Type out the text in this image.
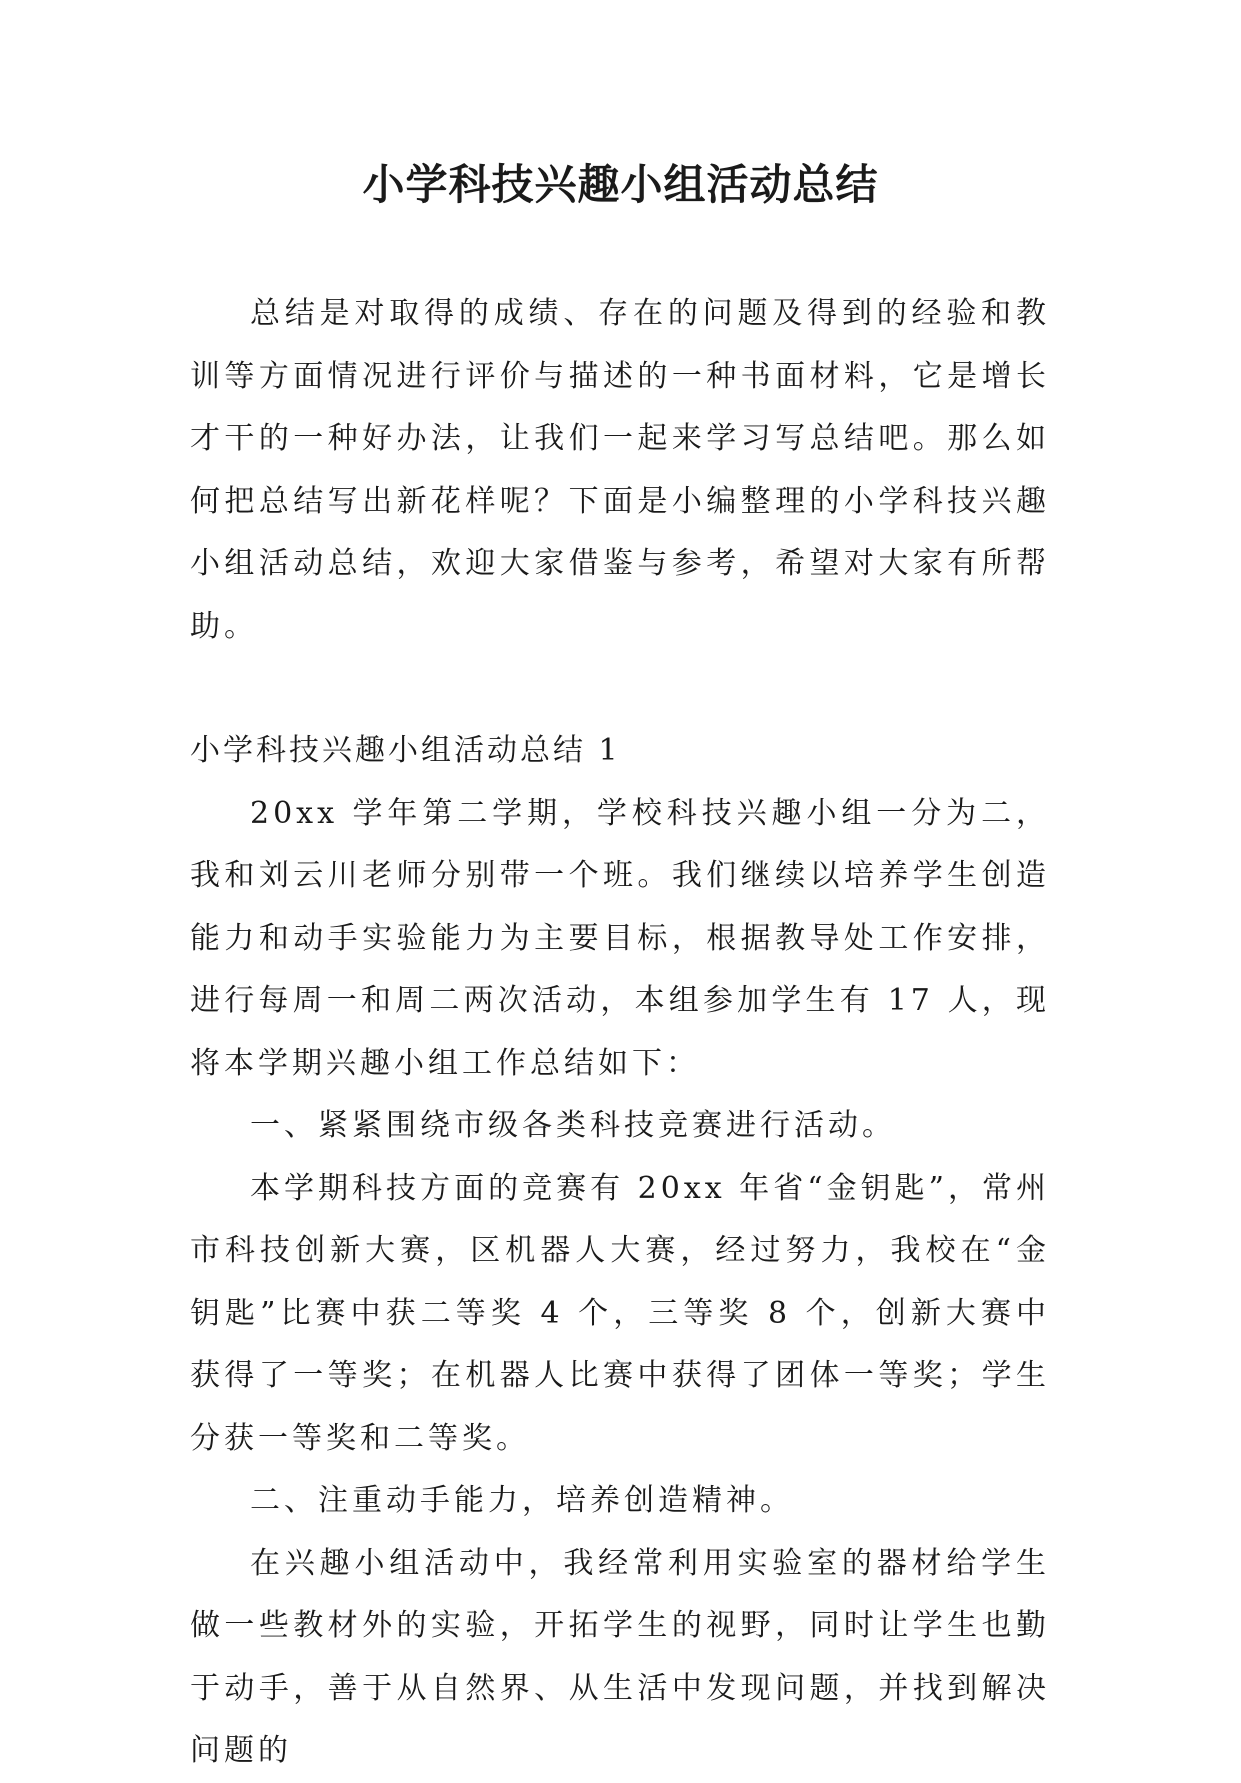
小学科技兴趣小组活动总结

总结是对取得的成绩、存在的问题及得到的经验和教训等方面情况进行评价与描述的一种书面材料，它是增长才干的一种好办法，让我们一起来学习写总结吧。那么如何把总结写出新花样呢？下面是小编整理的小学科技兴趣小组活动总结，欢迎大家借鉴与参考，希望对大家有所帮助。

小学科技兴趣小组活动总结 1

20xx 学年第二学期，学校科技兴趣小组一分为二，我和刘云川老师分别带一个班。我们继续以培养学生创造能力和动手实验能力为主要目标，根据教导处工作安排，进行每周一和周二两次活动，本组参加学生有 17 人，现将本学期兴趣小组工作总结如下：

一、紧紧围绕市级各类科技竞赛进行活动。

本学期科技方面的竞赛有 20xx 年省“金钥匙”，常州市科技创新大赛，区机器人大赛，经过努力，我校在“金钥匙”比赛中获二等奖 4 个，三等奖 8 个，创新大赛中获得了一等奖；在机器人比赛中获得了团体一等奖；学生分获一等奖和二等奖。

二、注重动手能力，培养创造精神。

在兴趣小组活动中，我经常利用实验室的器材给学生做一些教材外的实验，开拓学生的视野，同时让学生也勤于动手，善于从自然界、从生活中发现问题，并找到解决问题的
